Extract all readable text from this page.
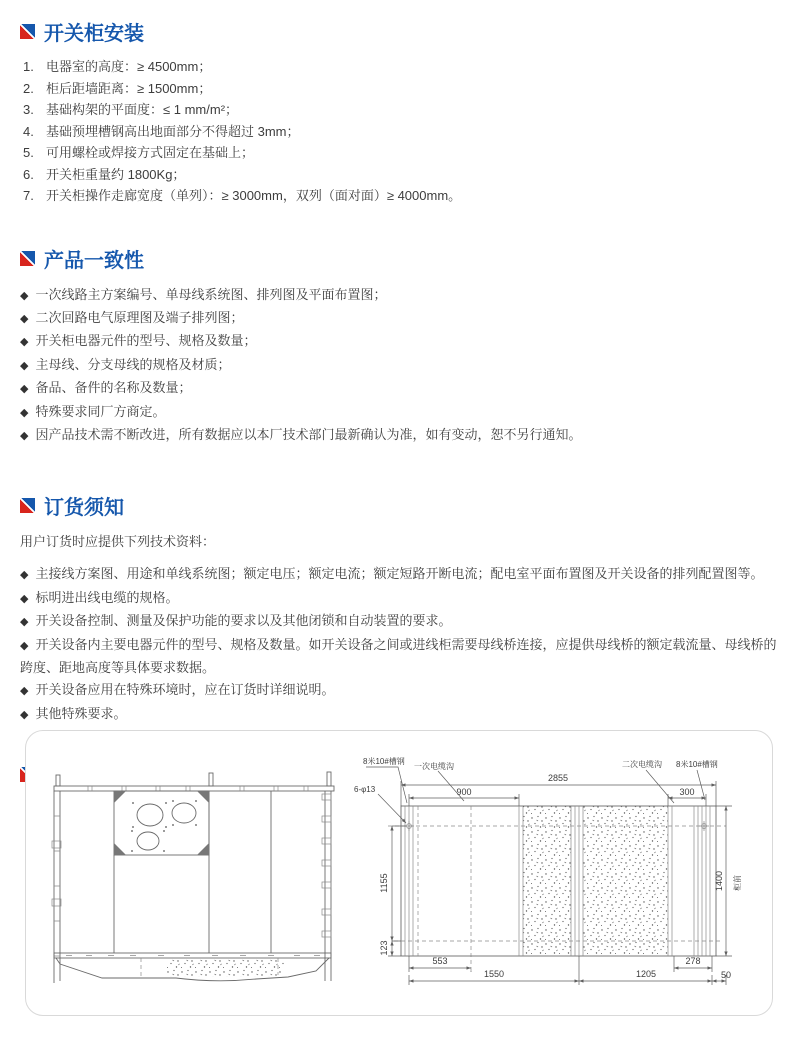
开关柜安装
1. 电器室的高度：≥ 4500mm；
2. 柜后距墙距离：≥ 1500mm；
3. 基础构架的平面度：≤ 1 mm/m²；
4. 基础预埋槽钢高出地面部分不得超过 3mm；
5. 可用螺栓或焊接方式固定在基础上；
6. 开关柜重量约 1800Kg；
7. 开关柜操作走廊宽度（单列）：≥ 3000mm，双列（面对面）≥ 4000mm。
产品一致性
◆ 一次线路主方案编号、单母线系统图、排列图及平面布置图；
◆ 二次回路电气原理图及端子排列图；
◆ 开关柜电器元件的型号、规格及数量；
◆ 主母线、分支母线的规格及材质；
◆ 备品、备件的名称及数量；
◆ 特殊要求同厂方商定。
◆ 因产品技术需不断改进，所有数据应以本厂技术部门最新确认为准，如有变动，恕不另行通知。
订货须知

用户订货时应提供下列技术资料：

◆ 主接线方案图、用途和单线系统图；额定电压；额定电流；额定短路开断电流；配电室平面布置图及开关设备的排列配置图等。
◆ 标明进出线电缆的规格。
◆ 开关设备控制、测量及保护功能的要求以及其他闭锁和自动装置的要求。
◆ 开关设备内主要电器元件的型号、规格及数量。如开关设备之间或进线柜需要母线桥连接，应提供母线桥的额定载流量、母线桥的跨度、距地高度等具体要求数据。
◆ 开关设备应用在特殊环境时，应在订货时详细说明。
◆ 其他特殊要求。
2855
900	300
1155
123
1400
553	278
1550	1205	50
8米10#槽钢
一次电缆沟	二次电缆沟 8米10#槽钢
6-φ13
柜前
